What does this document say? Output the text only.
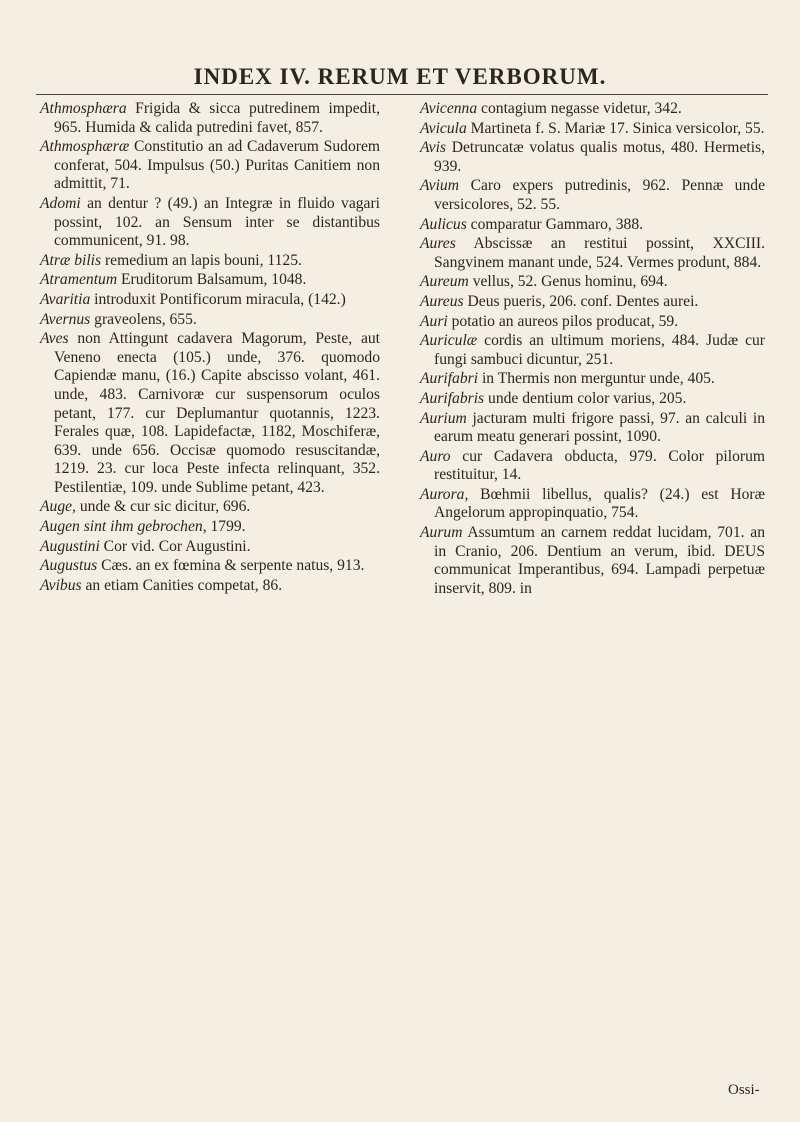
INDEX IV. RERUM ET VERBORUM.

Athmosphæra Frigida & sicca putredinem impedit, 965. Humida & calida putredini favet, 857.

Athmosphæræ Constitutio an ad Cadaverum Sudorem conferat, 504. Impulsus (50.) Puritas Canitiem non admittit, 71.

Adomi an dentur ? (49.) an Integræ in fluido vagari possint, 102. an Sensum inter se distantibus communicent, 91. 98.

Atræ bilis remedium an lapis bouni, 1125.

Atramentum Eruditorum Balsamum, 1048.

Avaritia introduxit Pontificorum miracula, (142.)

Avernus graveolens, 655.

Aves non Attingunt cadavera Magorum, Peste, aut Veneno enecta (105.) unde, 376. quomodo Capiendæ manu, (16.) Capite abscisso volant, 461. unde, 483. Carnivoræ cur suspensorum oculos petant, 177. cur Deplumantur quotannis, 1223. Ferales quæ, 108. Lapidefactæ, 1182, Moschiferæ, 639. unde 656. Occisæ quomodo resuscitandæ, 1219. 23. cur loca Peste infecta relinquant, 352. Pestilentiæ, 109. unde Sublime petant, 423.

Auge, unde & cur sic dicitur, 696.

Augen sint ihm gebrochen, 1799.

Augustini Cor vid. Cor Augustini.

Augustus Cæs. an ex fœmina & serpente natus, 913.

Avibus an etiam Canities competat, 86.

Avicenna contagium negasse videtur, 342.

Avicula Martineta f. S. Mariæ 17. Sinica versicolor, 55.

Avis Detruncatæ volatus qualis motus, 480. Hermetis, 939.

Avium Caro expers putredinis, 962. Pennæ unde versicolores, 52. 55.

Aulicus comparatur Gammaro, 388.

Aures Abscissæ an restitui possint, XXCIII. Sangvinem manant unde, 524. Vermes produnt, 884.

Aureum vellus, 52. Genus hominu, 694.

Aureus Deus pueris, 206. conf. Dentes aurei.

Auri potatio an aureos pilos producat, 59.

Auriculæ cordis an ultimum moriens, 484. Judæ cur fungi sambuci dicuntur, 251.

Aurifabri in Thermis non merguntur unde, 405.

Aurifabris unde dentium color varius, 205.

Aurium jacturam multi frigore passi, 97. an calculi in earum meatu generari possint, 1090.

Auro cur Cadavera obducta, 979. Color pilorum restituitur, 14.

Aurora, Bœhmii libellus, qualis? (24.) est Horæ Angelorum appropinquatio, 754.

Aurum Assumtum an carnem reddat lucidam, 701. an in Cranio, 206. Dentium an verum, ibid. DEUS communicat Imperantibus, 694. Lampadi perpetuæ inservit, 809. in

Ossi-
